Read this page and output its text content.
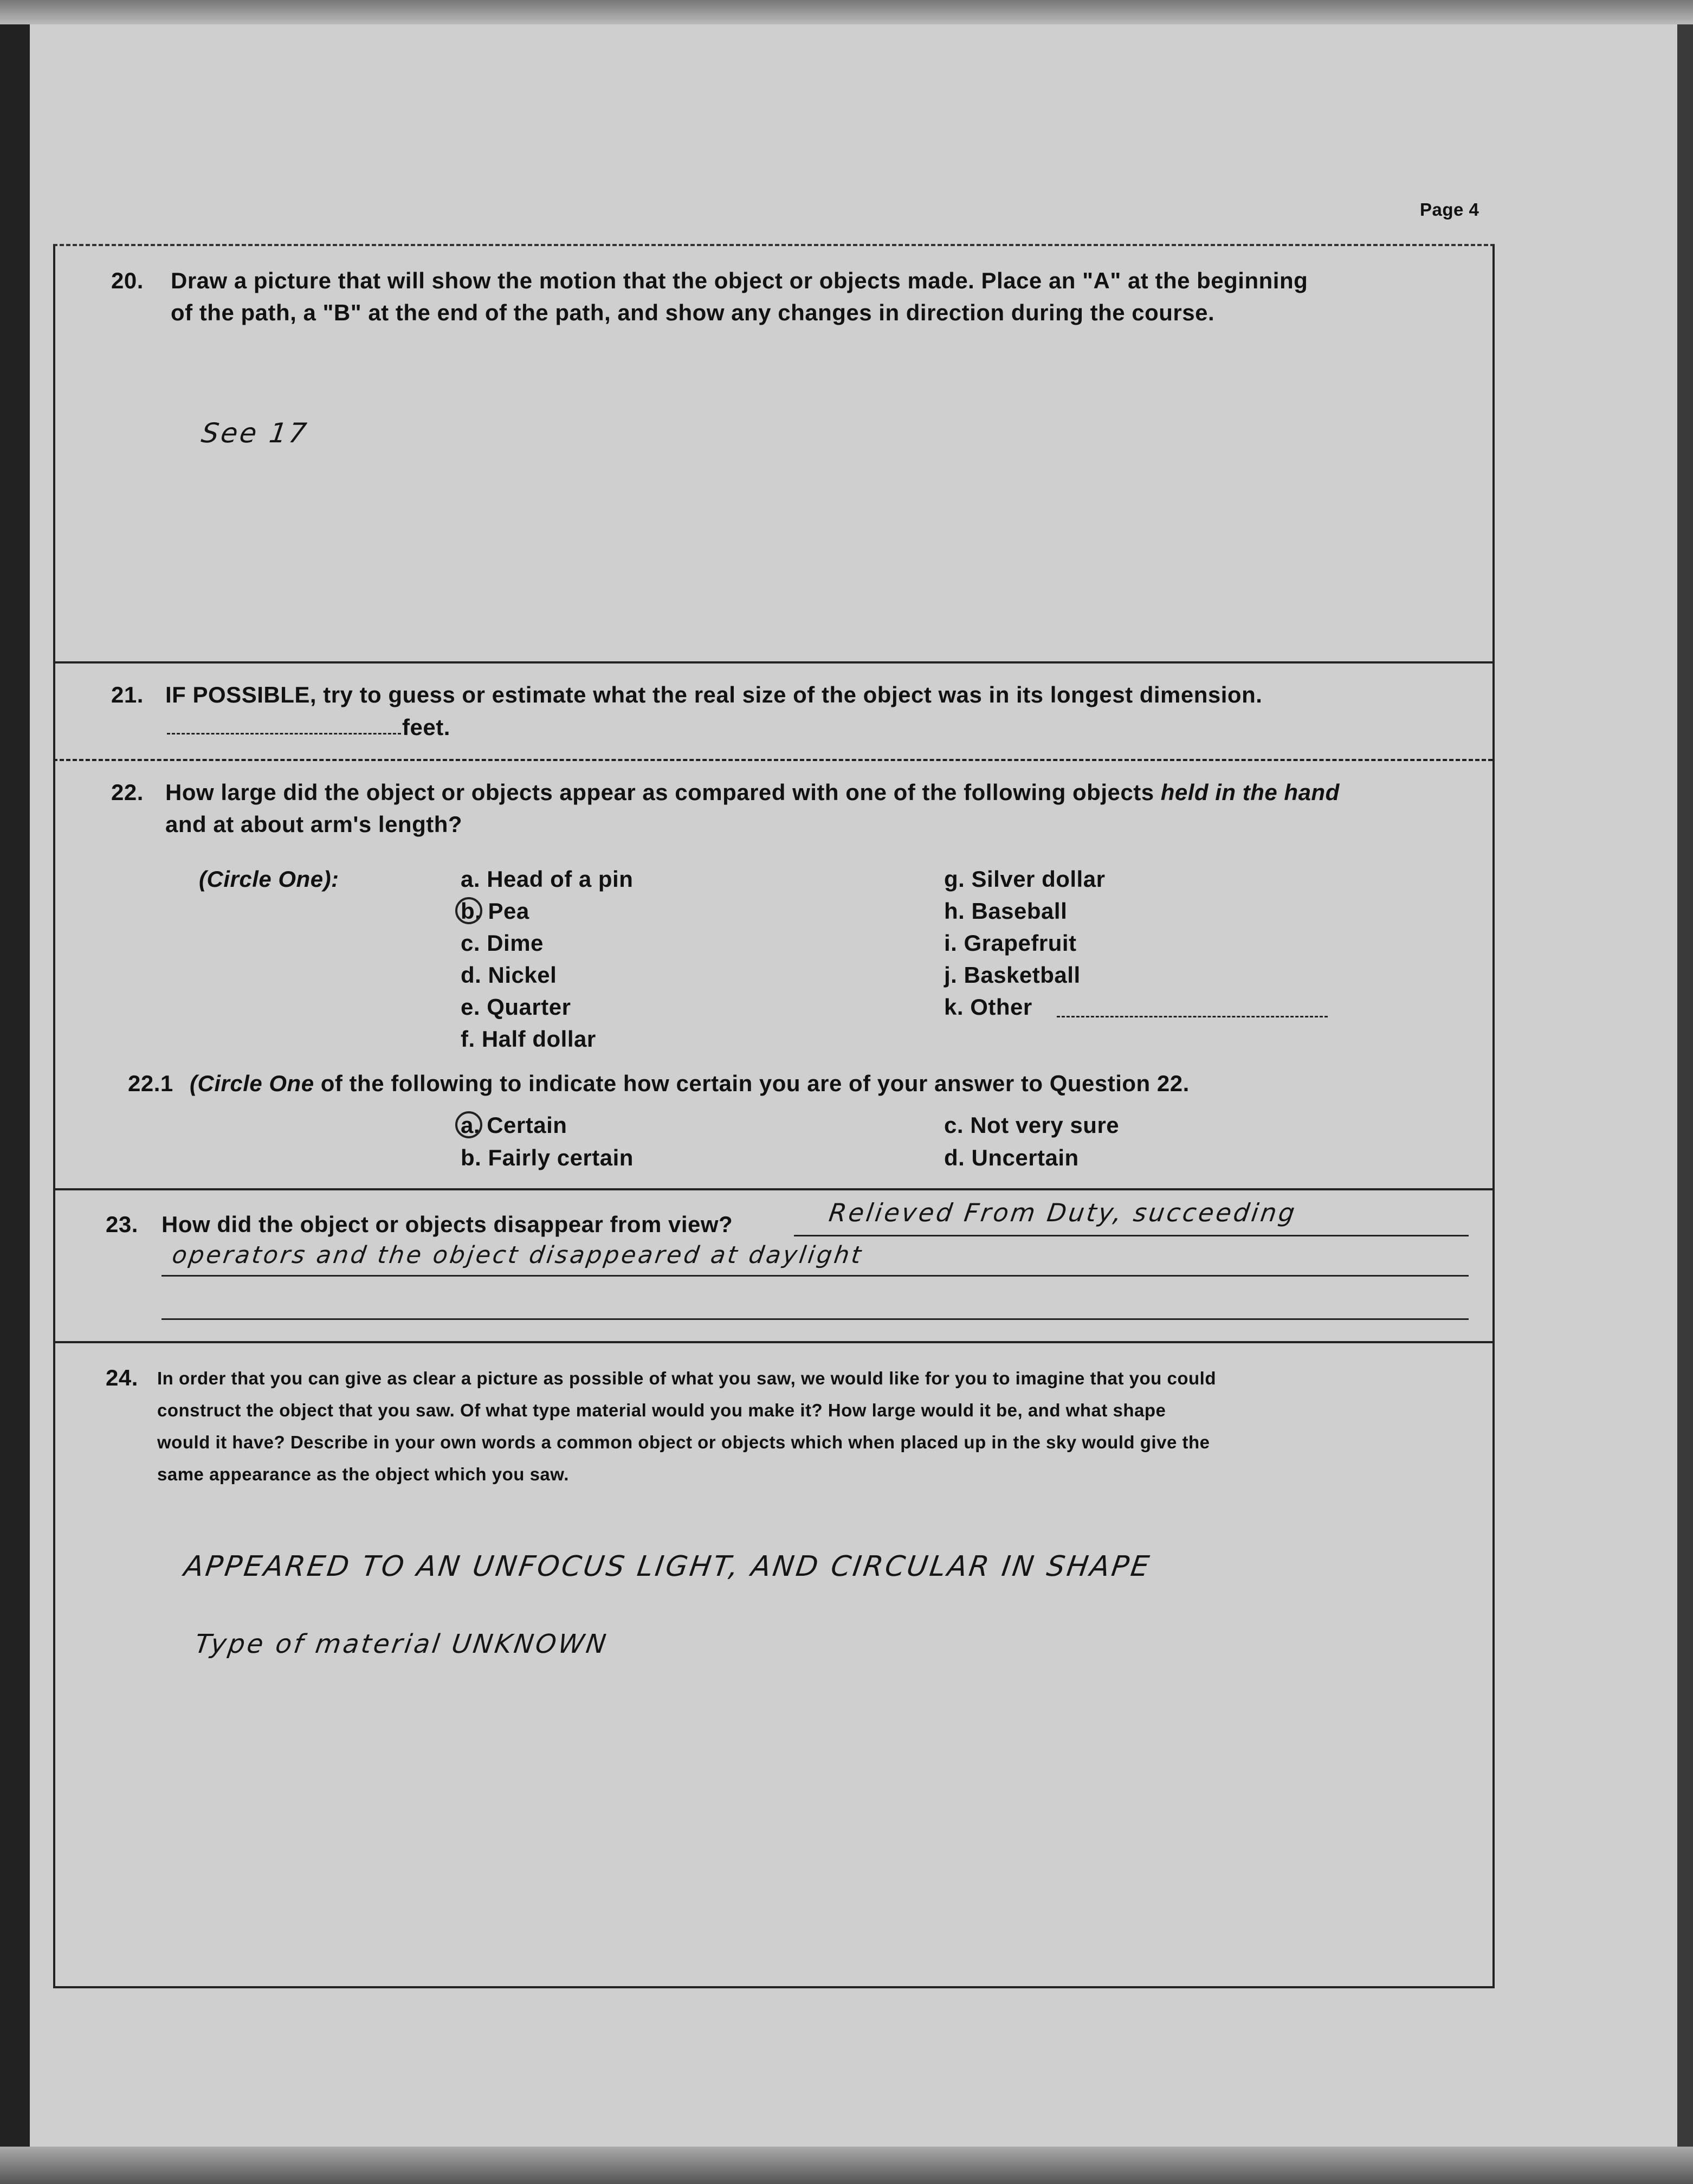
Page 4
20. Draw a picture that will show the motion that the object or objects made. Place an "A" at the beginning
of the path, a "B" at the end of the path, and show any changes in direction during the course.
See 17
21. IF POSSIBLE, try to guess or estimate what the real size of the object was in its longest dimension.
feet.
22. How large did the object or objects appear as compared with one of the following objects held in the hand
and at about arm's length?
(Circle One):	a. Head of a pin
b. Pea
c. Dime
d. Nickel
e. Quarter
f. Half dollar
g. Silver dollar
h. Baseball
i. Grapefruit
j. Basketball
k. Other
22.1 (Circle One of the following to indicate how certain you are of your answer to Question 22.
a. Certain
b. Fairly certain
c. Not very sure
d. Uncertain
23. How did the object or objects disappear from view?	Relieved From Duty, succeeding
operators and the object disappeared at daylight
24. In order that you can give as clear a picture as possible of what you saw, we would like for you to imagine that you could
construct the object that you saw. Of what type material would you make it? How large would it be, and what shape
would it have? Describe in your own words a common object or objects which when placed up in the sky would give the
same appearance as the object which you saw.
APPEARED TO AN UNFOCUS LIGHT, AND CIRCULAR IN SHAPE
Type of material UNKNOWN
